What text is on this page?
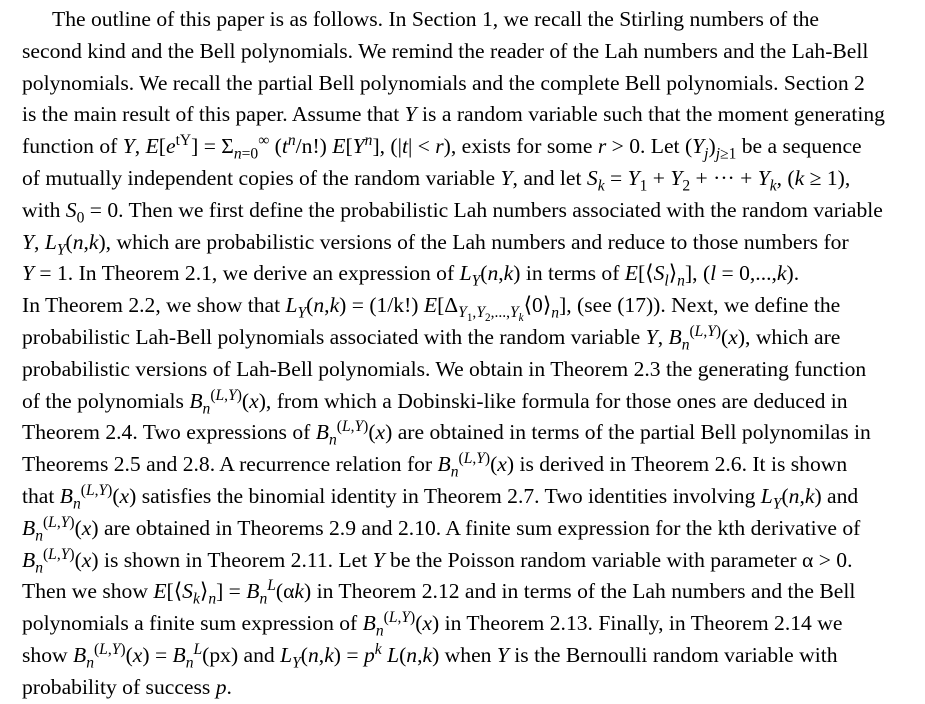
The outline of this paper is as follows. In Section 1, we recall the Stirling numbers of the
second kind and the Bell polynomials. We remind the reader of the Lah numbers and the Lah-Bell
polynomials. We recall the partial Bell polynomials and the complete Bell polynomials. Section 2
is the main result of this paper. Assume that Y is a random variable such that the moment generating
function of Y, $E[e^{tY}] = \Sigma_{n=0}^\infty$ $(t^n/n!)$ $E[Y^n]$, (|t| < r), exists for some r > 0. Let $(Y_j)_{j\ge 1}$ be a sequence
of mutually independent copies of the random variable Y, and let $S_k = Y_1 + Y_2$ + ··· + $Y_k$, (k ≥ 1),
with $S_0 = 0$. Then we first define the probabilistic Lah numbers associated with the random variable
Y, $L_Y(n,k)$, which are probabilistic versions of the Lah numbers and reduce to those numbers for
Y = 1. In Theorem 2.1, we derive an expression of $L_Y(n,k)$ in terms of $E[⟨S_l⟩_n]$, (l = 0,...,k).
In Theorem 2.2, we show that $L_Y(n,k) = (1/k!)$ $E[\Delta_{Y_1,Y_2,...,Y_k}⟨0⟩_n]$, (see (17)). Next, we define the
probabilistic Lah-Bell polynomials associated with the random variable Y, $B_n^{(L,Y)}(x)$, which are
probabilistic versions of Lah-Bell polynomials. We obtain in Theorem 2.3 the generating function
of the polynomials $B_n^{(L,Y)}(x)$, from which a Dobinski-like formula for those ones are deduced in
Theorem 2.4. Two expressions of $B_n^{(L,Y)}(x)$ are obtained in terms of the partial Bell polynomilas in
Theorems 2.5 and 2.8. A recurrence relation for $B_n^{(L,Y)}(x)$ is derived in Theorem 2.6. It is shown
that $B_n^{(L,Y)}(x)$ satisfies the binomial identity in Theorem 2.7. Two identities involving $L_Y(n,k)$ and
$B_n^{(L,Y)}(x)$ are obtained in Theorems 2.9 and 2.10. A finite sum expression for the kth derivative of
$B_n^{(L,Y)}(x)$ is shown in Theorem 2.11. Let Y be the Poisson random variable with parameter α > 0.
Then we show $E[⟨S_k⟩_n] = B_n^L(\alpha k)$ in Theorem 2.12 and in terms of the Lah numbers and the Bell
polynomials a finite sum expression of $B_n^{(L,Y)}(x)$ in Theorem 2.13. Finally, in Theorem 2.14 we
show $B_n^{(L,Y)}(x) = B_n^L(px)$ and $L_Y(n,k) = p^k$ L(n,k) when Y is the Bernoulli random variable with
probability of success p.
